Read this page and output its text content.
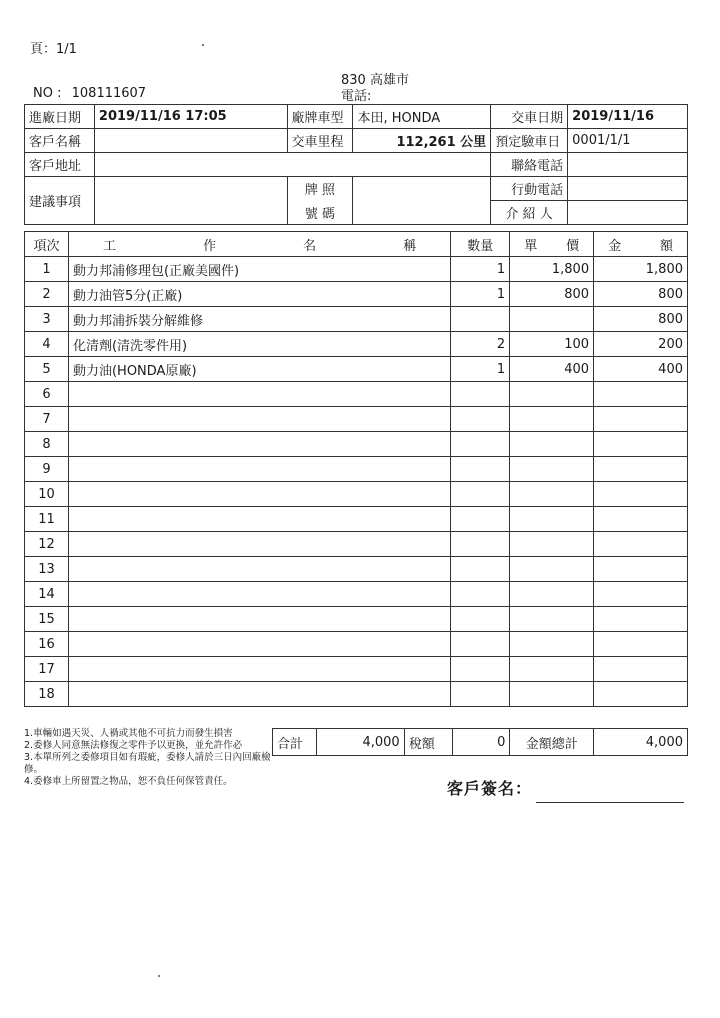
頁：1/1
830 高雄市
電話:
NO : 108111607
進廠日期	2019/11/16 17:05	廠牌車型	本田, HONDA	交車日期	2019/11/16
客戶名稱		交車里程	112,261 公里	預定驗車日	0001/1/1
客戶地址				聯絡電話	
建議事項		牌 照		行動電話	
		號 碼		介 紹 人	
項次	工 作 名 稱	數量	單 價	金 額

1	動力邦浦修理包(正廠美國件)	1	1,800	1,800
2	動力油管5分(正廠)	1	800	800
3	動力邦浦拆裝分解維修			800
4	化清劑(清洗零件用)	2	100	200
5	動力油(HONDA原廠)	1	400	400
6				
7				
8				
9				
10				
11				
12				
13				
14				
15				
16				
17				
18				
1.車輛如遇天災、人禍或其他不可抗力而發生損害
2.委修人同意無法修復之零件予以更換，並允許作必
3.本單所列之委修項目如有瑕疵，委修人請於三日內回廠檢修。
4.委修車上所留置之物品，恕不負任何保管責任。
合計	4,000	稅額	0	金額總計	4,000
客戶簽名：
